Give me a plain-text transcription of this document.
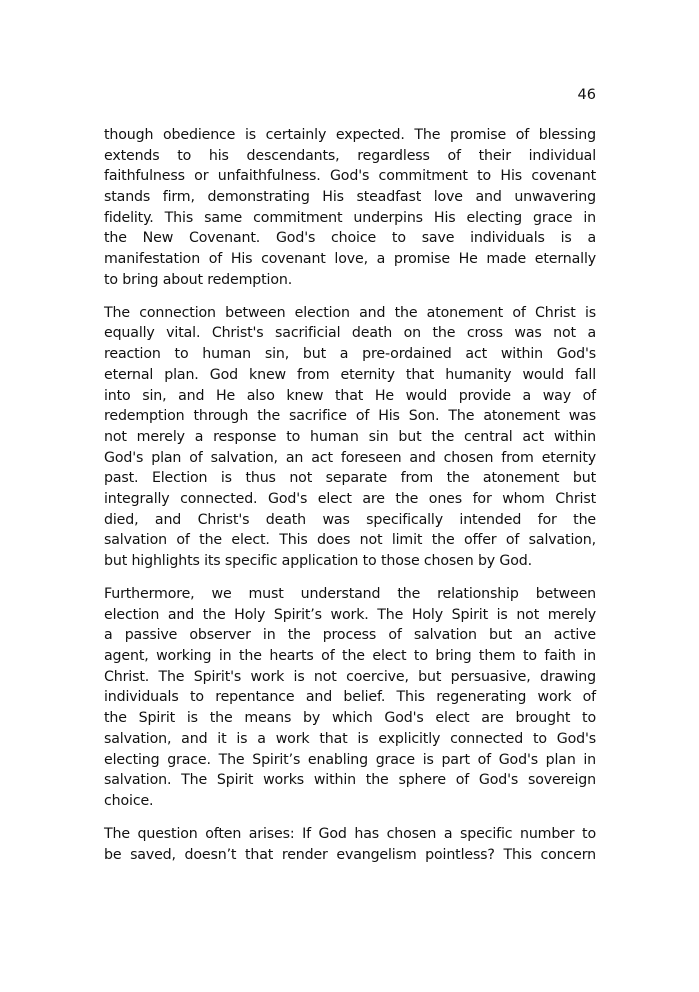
46
though obedience is certainly expected. The promise of blessing
extends to his descendants, regardless of their individual
faithfulness or unfaithfulness. God's commitment to His covenant
stands firm, demonstrating His steadfast love and unwavering
fidelity. This same commitment underpins His electing grace in
the New Covenant. God's choice to save individuals is a
manifestation of His covenant love, a promise He made eternally
to bring about redemption.
The connection between election and the atonement of Christ is
equally vital. Christ's sacrificial death on the cross was not a
reaction to human sin, but a pre-ordained act within God's
eternal plan. God knew from eternity that humanity would fall
into sin, and He also knew that He would provide a way of
redemption through the sacrifice of His Son. The atonement was
not merely a response to human sin but the central act within
God's plan of salvation, an act foreseen and chosen from eternity
past. Election is thus not separate from the atonement but
integrally connected. God's elect are the ones for whom Christ
died, and Christ's death was specifically intended for the
salvation of the elect. This does not limit the offer of salvation,
but highlights its specific application to those chosen by God.
Furthermore, we must understand the relationship between
election and the Holy Spirit’s work. The Holy Spirit is not merely
a passive observer in the process of salvation but an active
agent, working in the hearts of the elect to bring them to faith in
Christ. The Spirit's work is not coercive, but persuasive, drawing
individuals to repentance and belief. This regenerating work of
the Spirit is the means by which God's elect are brought to
salvation, and it is a work that is explicitly connected to God's
electing grace. The Spirit’s enabling grace is part of God's plan in
salvation. The Spirit works within the sphere of God's sovereign
choice.
The question often arises: If God has chosen a specific number to
be saved, doesn’t that render evangelism pointless? This concern
